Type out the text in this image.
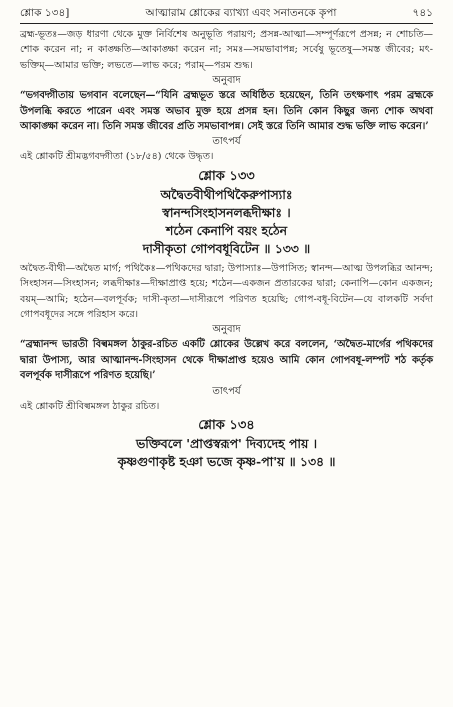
শ্লোক ১৩৪]	আত্মারাম শ্লোকের ব্যাখ্যা এবং সনাতনকে কৃপা	৭৪১

ব্রহ্ম-ভূতঃ—জড় ধারণা থেকে মুক্ত নির্বিশেষ অনুভূতি পরায়ণ; প্রসন্ন-আত্মা—সম্পূর্ণরূপে প্রসন্ন; ন শোচতি—শোক করেন না; ন কাঙ্ক্ষতি—আকাঙ্ক্ষা করেন না; সমঃ—সমভাবাপন্ন; সর্বেষু ভূতেষু—সমস্ত জীবের; মৎ-ভক্তিম্—আমার ভক্তি; লভতে—লাভ করে; পরাম্—পরম শুদ্ধ।

অনুবাদ

“ভগবদ্গীতায় ভগবান বলেছেন—“যিনি ব্রহ্মভূত স্তরে অধিষ্ঠিত হয়েছেন, তিনি তৎক্ষণাৎ পরম ব্রহ্মকে উপলব্ধি করতে পারেন এবং সমস্ত অভাব মুক্ত হয়ে প্রসন্ন হন। তিনি কোন কিছুর জন্য শোক অথবা আকাঙ্ক্ষা করেন না। তিনি সমস্ত জীবের প্রতি সমভাবাপন্ন। সেই স্তরে তিনি আমার শুদ্ধ ভক্তি লাভ করেন।’

তাৎপর্য

এই শ্লোকটি শ্রীমদ্ভগবদ্গীতা (১৮/৫৪) থেকে উদ্ধৃত।

শ্লোক ১৩৩
অদ্বৈতবীথীপথিকৈরুপাস্যাঃ
স্বানন্দসিংহাসনলব্ধদীক্ষাঃ ।
শঠেন কেনাপি বয়ং হঠেন
দাসীকৃতা গোপবধূবিটেন ॥ ১৩৩ ॥

অদ্বৈত-বীথী—অদ্বৈত মার্গ; পথিকৈঃ—পথিকদের দ্বারা; উপাস্যাঃ—উপাসিত; স্বানন্দ—আত্ম উপলব্ধির আনন্দ; সিংহাসন—সিংহাসন; লব্ধদীক্ষাঃ—দীক্ষাপ্রাপ্ত হয়ে; শঠেন—একজন প্রতারকের দ্বারা; কেনাপি—কোন একজন; বয়ম্—আমি; হঠেন—বলপূর্বক; দাসী-কৃতা—দাসীরূপে পরিণত হয়েছি; গোপ-বধূ-বিটেন—যে বালকটি সর্বদা গোপবধূদের সঙ্গে পরিহাস করে।

অনুবাদ

“ব্রহ্মানন্দ ভারতী বিল্বমঙ্গল ঠাকুর-রচিত একটি শ্লোকের উল্লেখ করে বললেন, ‘অদ্বৈত-মার্গের পথিকদের দ্বারা উপাস্য, আর আত্মানন্দ-সিংহাসন থেকে দীক্ষাপ্রাপ্ত হয়েও আমি কোন গোপবধূ-লম্পট শঠ কর্তৃক বলপূর্বক দাসীরূপে পরিণত হয়েছি।’

তাৎপর্য

এই শ্লোকটি শ্রীবিল্বমঙ্গল ঠাকুর রচিত।

শ্লোক ১৩৪
ভক্তিবলে 'প্রাপ্তস্বরূপ' দিব্যদেহ পায় ।
কৃষ্ণগুণাকৃষ্ট হঞা ভজে কৃষ্ণ-পা'য় ॥ ১৩৪ ॥
